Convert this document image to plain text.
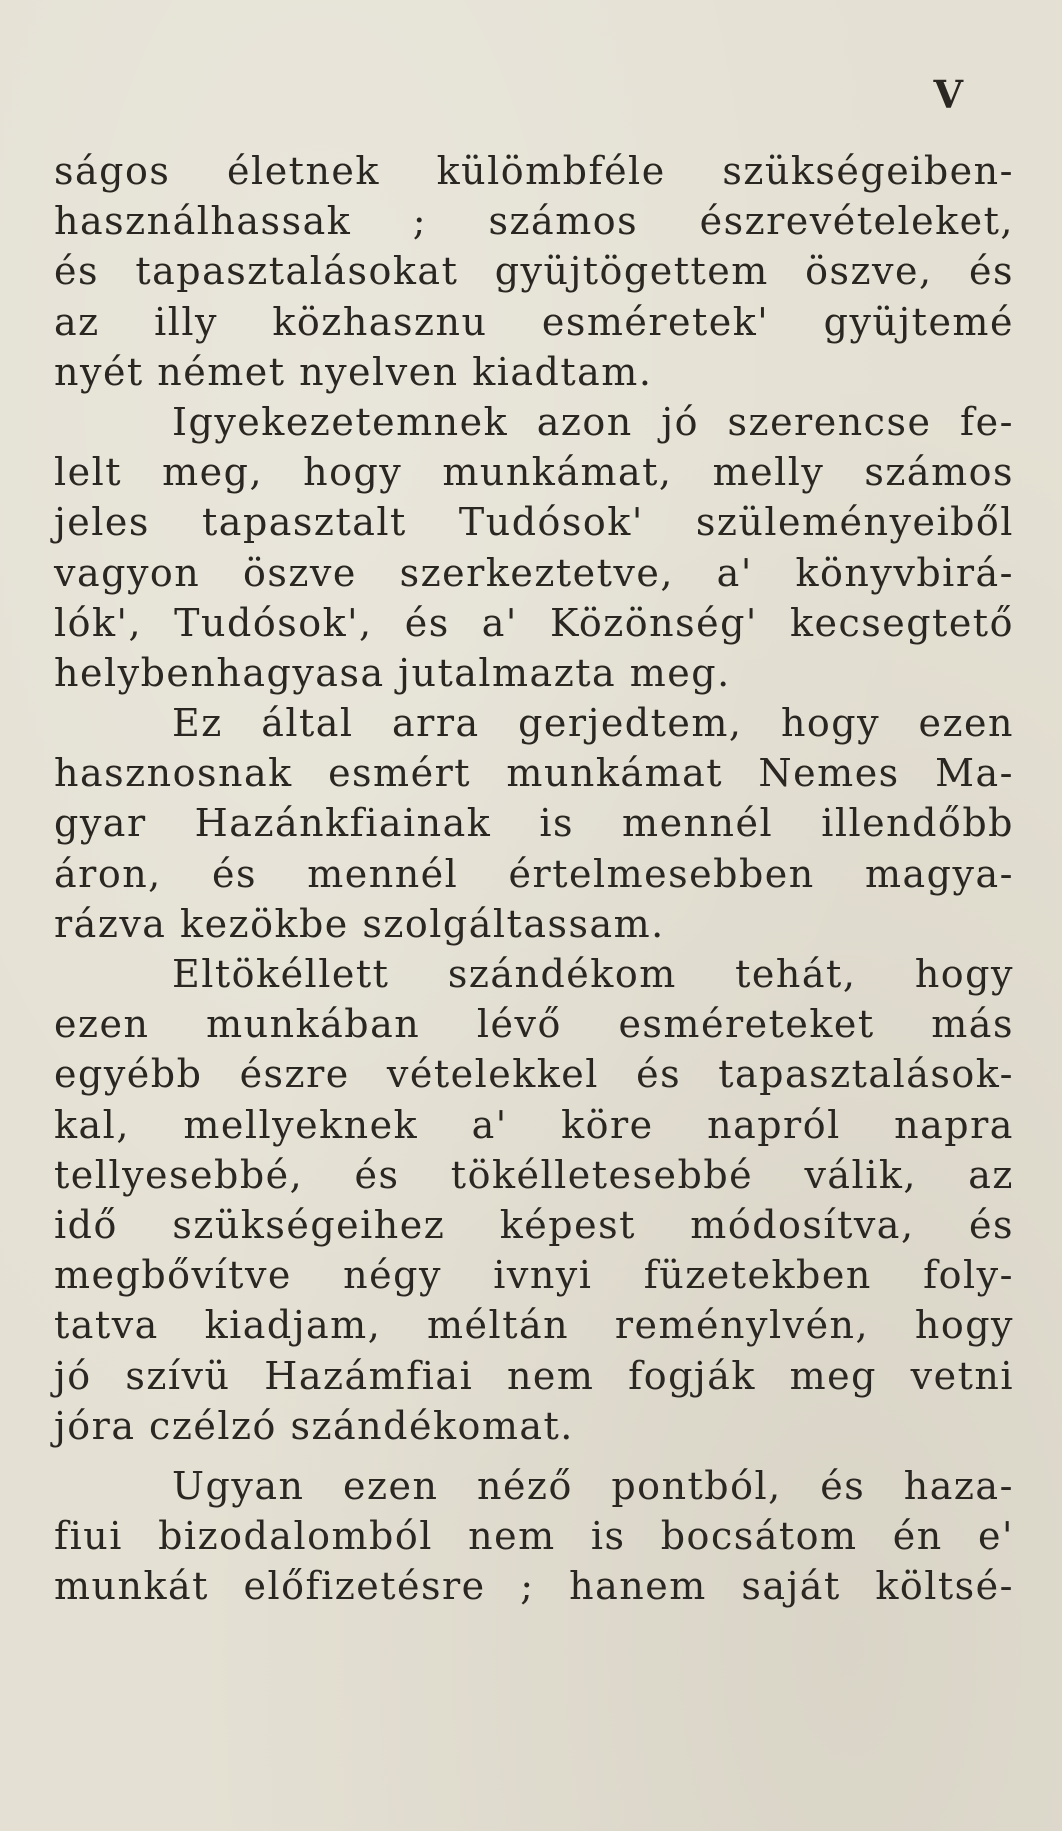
V
ságos életnek külömbféle szükségeiben-
használhassak ; számos észrevételeket,
és tapasztalásokat gyüjtögettem öszve, és
az illy közhasznu esméretek' gyüjtemé
nyét német nyelven kiadtam.
Igyekezetemnek azon jó szerencse fe-
lelt meg, hogy munkámat, melly számos
jeles tapasztalt Tudósok' szüleményeiből
vagyon öszve szerkeztetve, a' könyvbirá-
lók', Tudósok', és a' Közönség' kecsegtető
helybenhagyasa jutalmazta meg.
Ez által arra gerjedtem, hogy ezen
hasznosnak esmért munkámat Nemes Ma-
gyar Hazánkfiainak is mennél illendőbb
áron, és mennél értelmesebben magya-
rázva kezökbe szolgáltassam.
Eltökéllett szándékom tehát, hogy
ezen munkában lévő esméreteket más
egyébb észre vételekkel és tapasztalások-
kal, mellyeknek a' köre napról napra
tellyesebbé, és tökélletesebbé válik, az
idő szükségeihez képest módosítva, és
megbővítve négy ivnyi füzetekben foly-
tatva kiadjam, méltán reménylvén, hogy
jó szívü Hazámfiai nem fogják meg vetni
jóra czélzó szándékomat.
Ugyan ezen néző pontból, és haza-
fiui bizodalomból nem is bocsátom én e'
munkát előfizetésre ; hanem saját költsé-
